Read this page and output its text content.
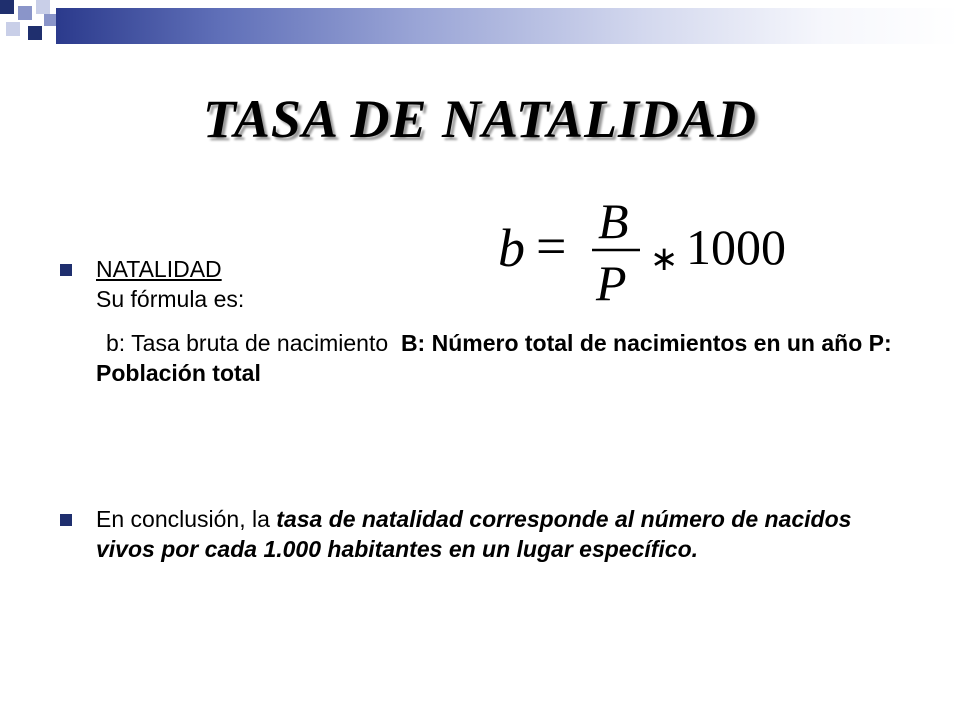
TASA DE NATALIDAD
b = B
P ∗ 1000
NATALIDAD
Su fórmula es:
b: Tasa bruta de nacimiento B: Número total de nacimientos en un año P: Población total
En conclusión, la tasa de natalidad corresponde al número de nacidos vivos por cada 1.000 habitantes en un lugar específico.
